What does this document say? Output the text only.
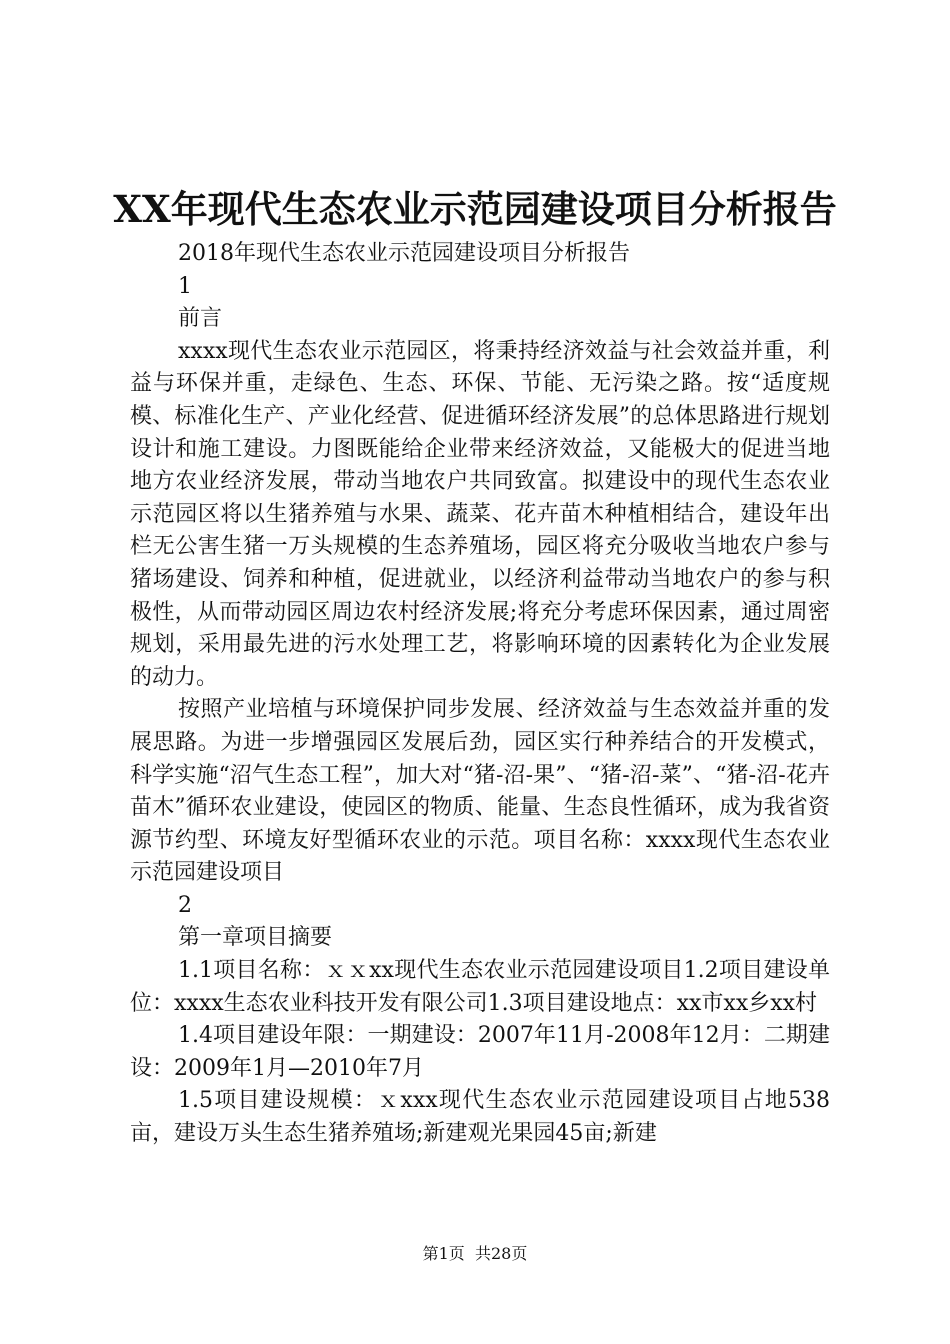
XX年现代生态农业示范园建设项目分析报告

2018年现代生态农业示范园建设项目分析报告

1

前言

xxxx现代生态农业示范园区，将秉持经济效益与社会效益并重，利益与环保并重，走绿色、生态、环保、节能、无污染之路。按“适度规模、标准化生产、产业化经营、促进循环经济发展”的总体思路进行规划设计和施工建设。力图既能给企业带来经济效益，又能极大的促进当地地方农业经济发展，带动当地农户共同致富。拟建设中的现代生态农业示范园区将以生猪养殖与水果、蔬菜、花卉苗木种植相结合，建设年出栏无公害生猪一万头规模的生态养殖场，园区将充分吸收当地农户参与猪场建设、饲养和种植，促进就业，以经济利益带动当地农户的参与积极性，从而带动园区周边农村经济发展;将充分考虑环保因素，通过周密规划，采用最先进的污水处理工艺，将影响环境的因素转化为企业发展的动力。

按照产业培植与环境保护同步发展、经济效益与生态效益并重的发展思路。为进一步增强园区发展后劲，园区实行种养结合的开发模式，科学实施“沼气生态工程”，加大对“猪-沼-果”、“猪-沼-菜”、“猪-沼-花卉苗木”循环农业建设，使园区的物质、能量、生态良性循环，成为我省资源节约型、环境友好型循环农业的示范。项目名称：xxxx现代生态农业示范园建设项目

2

第一章项目摘要

1.1项目名称：ｘｘxx现代生态农业示范园建设项目1.2项目建设单位：xxxx生态农业科技开发有限公司1.3项目建设地点：xx市xx乡xx村

1.4项目建设年限：一期建设：2007年11月-2008年12月：二期建设：2009年1月—2010年7月

1.5项目建设规模：ｘxxx现代生态农业示范园建设项目占地538亩，建设万头生态生猪养殖场;新建观光果园45亩;新建

第1页 共28页
